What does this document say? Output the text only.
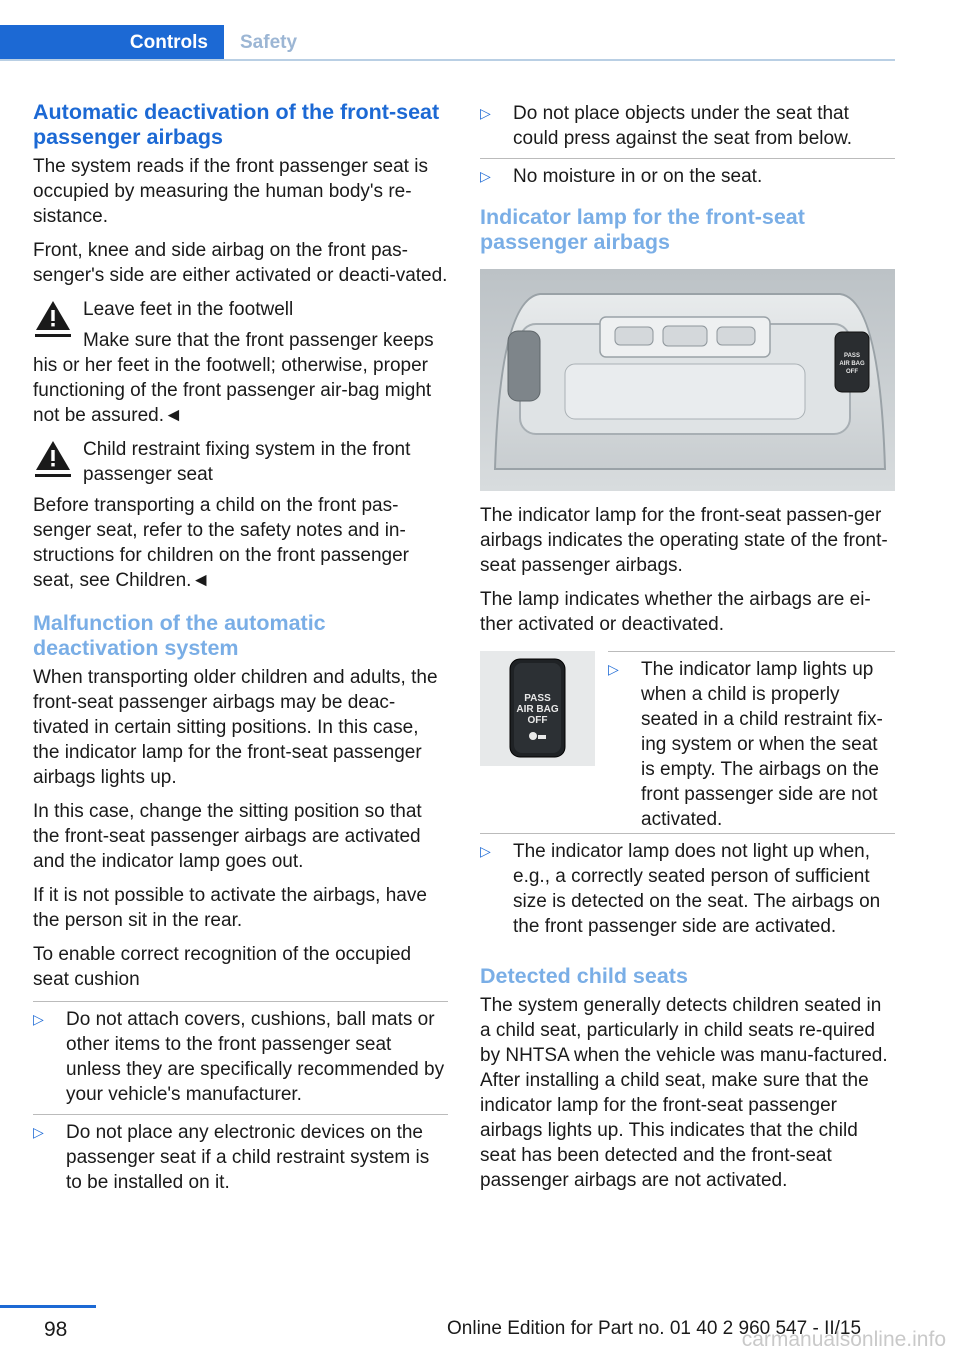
Controls	Safety
Automatic deactivation of the front-seat passenger airbags

The system reads if the front passenger seat is occupied by measuring the human body's re-sistance.

Front, knee and side airbag on the front pas-senger's side are either activated or deacti-vated.

Leave feet in the footwell

Make sure that the front passenger keeps his or her feet in the footwell; otherwise, proper functioning of the front passenger air-bag might not be assured.◄

Child restraint fixing system in the front passenger seat

Before transporting a child on the front pas-senger seat, refer to the safety notes and in-structions for children on the front passenger seat, see Children.◄

Malfunction of the automatic deactivation system

When transporting older children and adults, the front-seat passenger airbags may be deac-tivated in certain sitting positions. In this case, the indicator lamp for the front-seat passenger airbags lights up.

In this case, change the sitting position so that the front-seat passenger airbags are activated and the indicator lamp goes out.

If it is not possible to activate the airbags, have the person sit in the rear.

To enable correct recognition of the occupied seat cushion

▷ Do not attach covers, cushions, ball mats or other items to the front passenger seat unless they are specifically recommended by your vehicle's manufacturer.
▷ Do not place any electronic devices on the passenger seat if a child restraint system is to be installed on it.
▷ Do not place objects under the seat that could press against the seat from below.
▷ No moisture in or on the seat.
Indicator lamp for the front-seat passenger airbags
PASS
AIR BAG
OFF

The indicator lamp for the front-seat passen-ger airbags indicates the operating state of the front-seat passenger airbags.

The lamp indicates whether the airbags are ei-ther activated or deactivated.

PASS
AIR BAG
OFF
▷ The indicator lamp lights up when a child is properly seated in a child restraint fix-ing system or when the seat is empty. The airbags on the front passenger side are not activated.
▷ The indicator lamp does not light up when, e.g., a correctly seated person of sufficient size is detected on the seat. The airbags on the front passenger side are activated.
Detected child seats

The system generally detects children seated in a child seat, particularly in child seats re-quired by NHTSA when the vehicle was manu-factured. After installing a child seat, make sure that the indicator lamp for the front-seat passenger airbags lights up. This indicates that the child seat has been detected and the front-seat passenger airbags are not activated.

98	Online Edition for Part no. 01 40 2 960 547 - II/15
carmanualsonline.info
